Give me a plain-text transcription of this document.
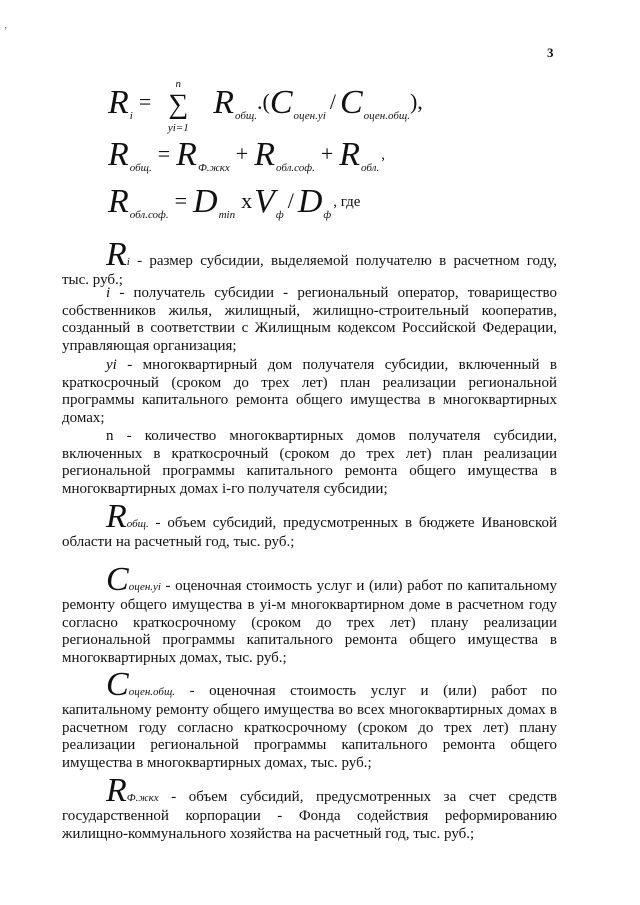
‚
3
$R_i$ =
n
∑
yi=1
$R_{общ.}.(C_{оцен.yi} / C_{оцен.общ.})$,
$R_{общ.} = R_{Ф.жкх} + R_{обл.соф.} + R_{обл.}$,
$R_{обл.соф.} = D_{min}$ $xV_ф / D_ф$, где

Ri - размер субсидии, выделяемой получателю в расчетном году, тыс. руб.;

i - получатель субсидии - региональный оператор, товарищество собственников жилья, жилищный, жилищно-строительный кооператив, созданный в соответствии с Жилищным кодексом Российской Федерации, управляющая организация;

yi - многоквартирный дом получателя субсидии, включенный в краткосрочный (сроком до трех лет) план реализации региональной программы капитального ремонта общего имущества в многоквартирных домах;

n - количество многоквартирных домов получателя субсидии, включенных в краткосрочный (сроком до трех лет) план реализации региональной программы капитального ремонта общего имущества в многоквартирных домах i-го получателя субсидии;

Rобщ. - объем субсидий, предусмотренных в бюджете Ивановской области на расчетный год, тыс. руб.;

Cоцен.yi - оценочная стоимость услуг и (или) работ по капитальному ремонту общего имущества в yi-м многоквартирном доме в расчетном году согласно краткосрочному (сроком до трех лет) плану реализации региональной программы капитального ремонта общего имущества в многоквартирных домах, тыс. руб.;

Cоцен.общ. - оценочная стоимость услуг и (или) работ по капитальному ремонту общего имущества во всех многоквартирных домах в расчетном году согласно краткосрочному (сроком до трех лет) плану реализации региональной программы капитального ремонта общего имущества в многоквартирных домах, тыс. руб.;

RФ.жкх - объем субсидий, предусмотренных за счет средств государственной корпорации - Фонда содействия реформированию жилищно-коммунального хозяйства на расчетный год, тыс. руб.;
